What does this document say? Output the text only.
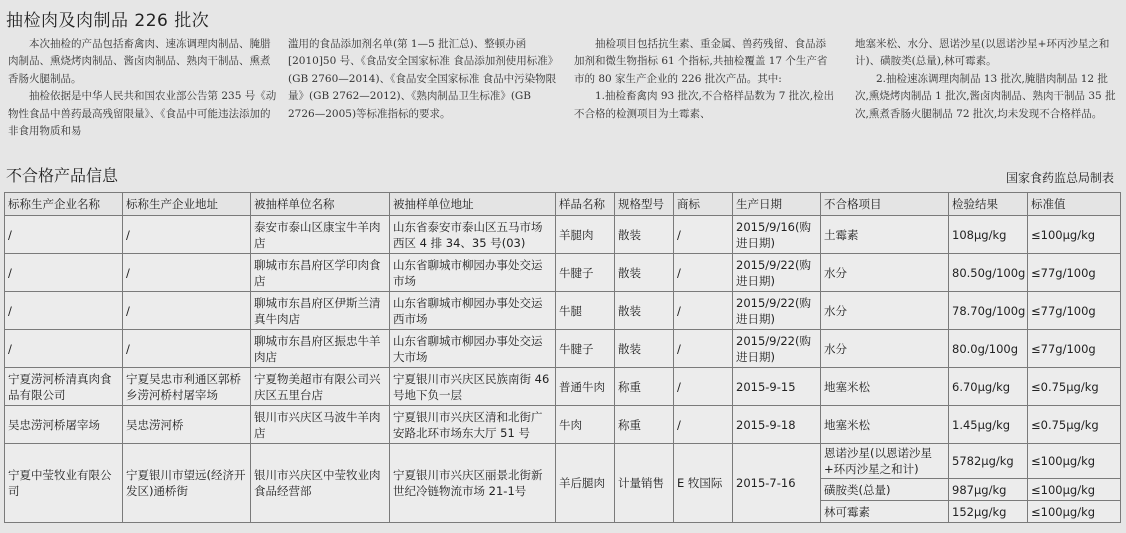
抽检肉及肉制品 226 批次

本次抽检的产品包括畜禽肉、速冻调理肉制品、腌腊肉制品、熏烧烤肉制品、酱卤肉制品、熟肉干制品、熏煮香肠火腿制品。

抽检依据是中华人民共和国农业部公告第 235 号《动物性食品中兽药最高残留限量》、《食品中可能违法添加的非食用物质和易

滥用的食品添加剂名单(第 1—5 批汇总)、整顿办函 [2010]50 号、《食品安全国家标准 食品添加剂使用标准》(GB 2760—2014)、《食品安全国家标准 食品中污染物限量》(GB 2762—2012)、《熟肉制品卫生标准》(GB 2726—2005)等标准指标的要求。

抽检项目包括抗生素、重金属、兽药残留、食品添加剂和微生物指标 61 个指标,共抽检覆盖 17 个生产省市的 80 家生产企业的 226 批次产品。其中:

1.抽检畜禽肉 93 批次,不合格样品数为 7 批次,检出不合格的检测项目为土霉素、

地塞米松、水分、恩诺沙星(以恩诺沙星+环丙沙星之和计)、磺胺类(总量),林可霉素。

2.抽检速冻调理肉制品 13 批次,腌腊肉制品 12 批次,熏烧烤肉制品 1 批次,酱卤肉制品、熟肉干制品 35 批次,熏煮香肠火腿制品 72 批次,均未发现不合格样品。

不合格产品信息	国家食药监总局制表
标称生产企业名称	标称生产企业地址	被抽样单位名称	被抽样单位地址	样品名称	规格型号	商标	生产日期	不合格项目	检验结果	标准值
/	/	泰安市泰山区康宝牛羊肉店	山东省泰安市泰山区五马市场西区 4 排 34、35 号(03)	羊腿肉	散装	/	2015/9/16(购进日期)	土霉素	108μg/kg	≤100μg/kg
/	/	聊城市东昌府区学印肉食店	山东省聊城市柳园办事处交运市场	牛腱子	散装	/	2015/9/22(购进日期)	水分	80.50g/100g	≤77g/100g
/	/	聊城市东昌府区伊斯兰清真牛肉店	山东省聊城市柳园办事处交运西市场	牛腿	散装	/	2015/9/22(购进日期)	水分	78.70g/100g	≤77g/100g
/	/	聊城市东昌府区振忠牛羊肉店	山东省聊城市柳园办事处交运大市场	牛腱子	散装	/	2015/9/22(购进日期)	水分	80.0g/100g	≤77g/100g
宁夏涝河桥清真肉食品有限公司	宁夏吴忠市利通区郭桥乡涝河桥村屠宰场	宁夏物美超市有限公司兴庆区五里台店	宁夏银川市兴庆区民族南街 46 号地下负一层	普通牛肉	称重	/	2015-9-15	地塞米松	6.70μg/kg	≤0.75μg/kg
吴忠涝河桥屠宰场	吴忠涝河桥	银川市兴庆区马波牛羊肉店	宁夏银川市兴庆区清和北街广安路北环市场东大厅 51 号	牛肉	称重	/	2015-9-18	地塞米松	1.45μg/kg	≤0.75μg/kg
宁夏中莹牧业有限公司	宁夏银川市望远(经济开发区)通桥街	银川市兴庆区中莹牧业肉食品经营部	宁夏银川市兴庆区丽景北街新世纪冷链物流市场 21-1号	羊后腿肉	计量销售	E 牧国际	2015-7-16	恩诺沙星(以恩诺沙星+环丙沙星之和计)	5782μg/kg	≤100μg/kg
								磺胺类(总量)	987μg/kg	≤100μg/kg
								林可霉素	152μg/kg	≤100μg/kg
